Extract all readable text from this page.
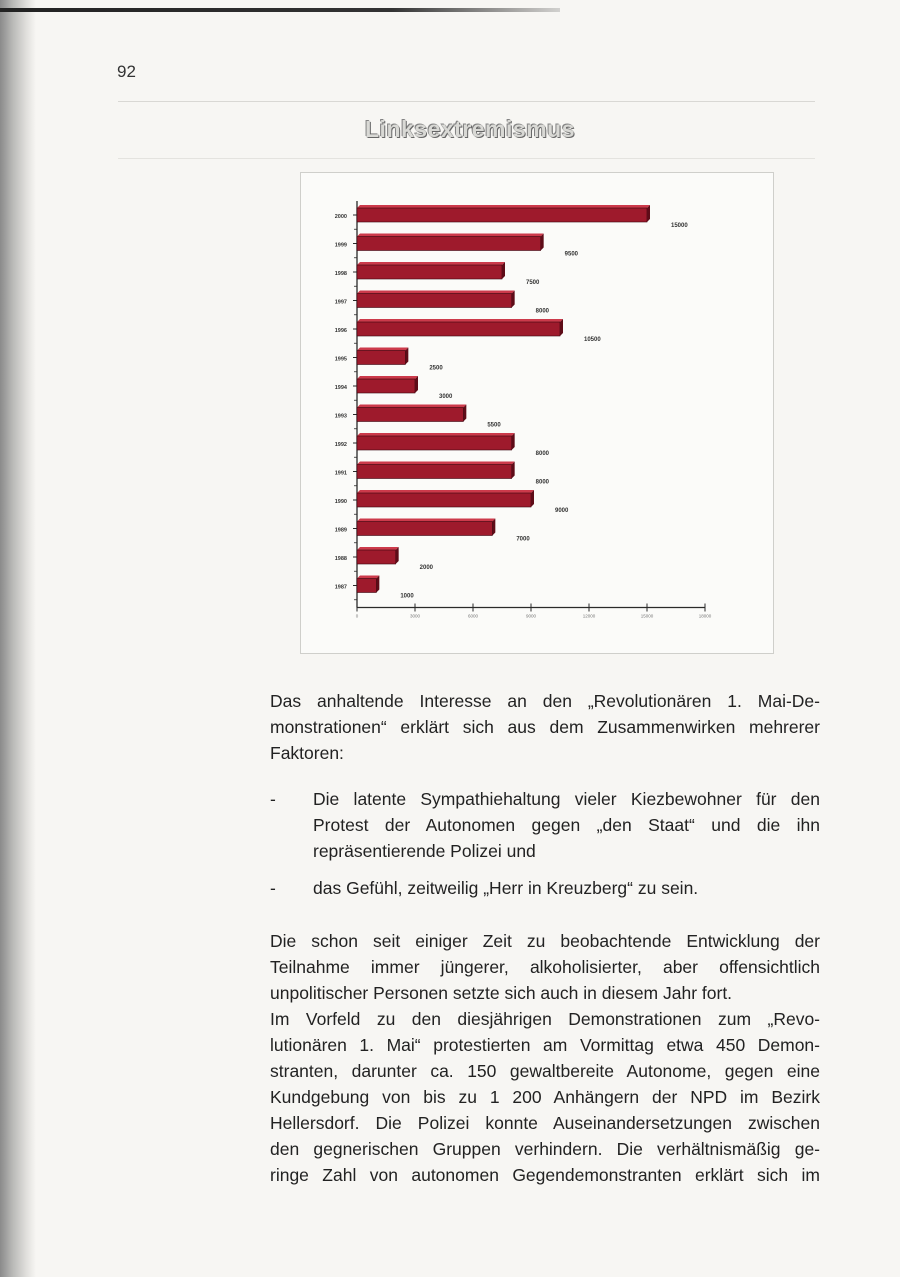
92
Linksextremismus
2000
15000
1999
9500
1998
7500
1997
8000
1996
10500
1995
2500
1994
3000
1993
5500
1992
8000
1991
8000
1990
9000
1989
7000
1988
2000
1987
1000
0	3000	6000	9000	12000	15000	18000
Das anhaltende Interesse an den „Revolutionären 1. Mai-De-
monstrationen“ erklärt sich aus dem Zusammenwirken mehrerer
Faktoren:
-	Die latente Sympathiehaltung vieler Kiezbewohner für den
Protest der Autonomen gegen „den Staat“ und die ihn
repräsentierende Polizei und
-	das Gefühl, zeitweilig „Herr in Kreuzberg“ zu sein.
Die schon seit einiger Zeit zu beobachtende Entwicklung der
Teilnahme immer jüngerer, alkoholisierter, aber offensichtlich
unpolitischer Personen setzte sich auch in diesem Jahr fort.
Im Vorfeld zu den diesjährigen Demonstrationen zum „Revo-
lutionären 1. Mai“ protestierten am Vormittag etwa 450 Demon-
stranten, darunter ca. 150 gewaltbereite Autonome, gegen eine
Kundgebung von bis zu 1 200 Anhängern der NPD im Bezirk
Hellersdorf. Die Polizei konnte Auseinandersetzungen zwischen
den gegnerischen Gruppen verhindern. Die verhältnismäßig ge-
ringe Zahl von autonomen Gegendemonstranten erklärt sich im
